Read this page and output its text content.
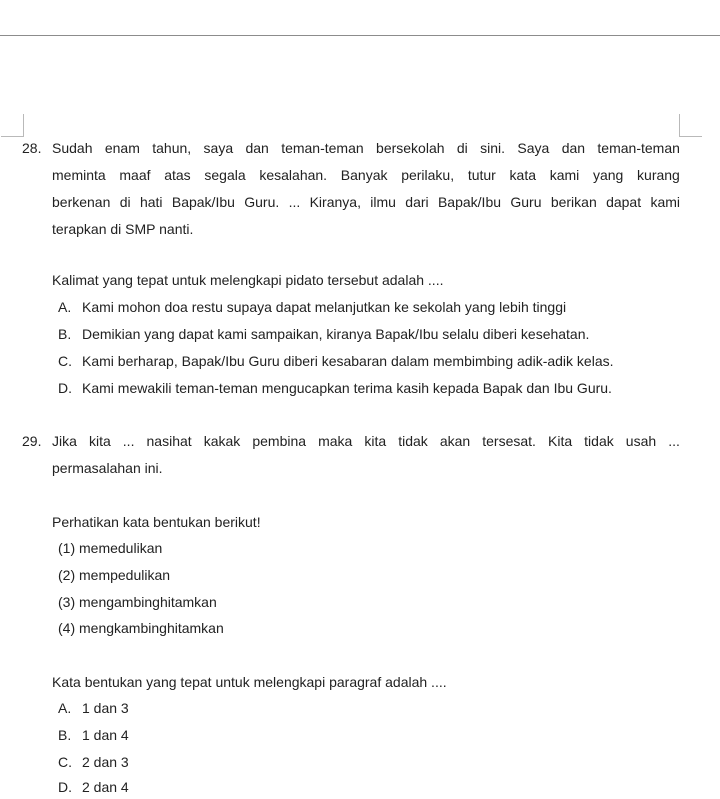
28. Sudah enam tahun, saya dan teman-teman bersekolah di sini. Saya dan teman-teman
meminta maaf atas segala kesalahan. Banyak perilaku, tutur kata kami yang kurang
berkenan di hati Bapak/Ibu Guru. ... Kiranya, ilmu dari Bapak/Ibu Guru berikan dapat kami
terapkan di SMP nanti.
Kalimat yang tepat untuk melengkapi pidato tersebut adalah ....
A. Kami mohon doa restu supaya dapat melanjutkan ke sekolah yang lebih tinggi
B. Demikian yang dapat kami sampaikan, kiranya Bapak/Ibu selalu diberi kesehatan.
C. Kami berharap, Bapak/Ibu Guru diberi kesabaran dalam membimbing adik-adik kelas.
D. Kami mewakili teman-teman mengucapkan terima kasih kepada Bapak dan Ibu Guru.
29. Jika kita ... nasihat kakak pembina maka kita tidak akan tersesat. Kita tidak usah ...
permasalahan ini.
Perhatikan kata bentukan berikut!
(1) memedulikan
(2) mempedulikan
(3) mengambinghitamkan
(4) mengkambinghitamkan
Kata bentukan yang tepat untuk melengkapi paragraf adalah ....
A. 1 dan 3
B. 1 dan 4
C. 2 dan 3
D. 2 dan 4
